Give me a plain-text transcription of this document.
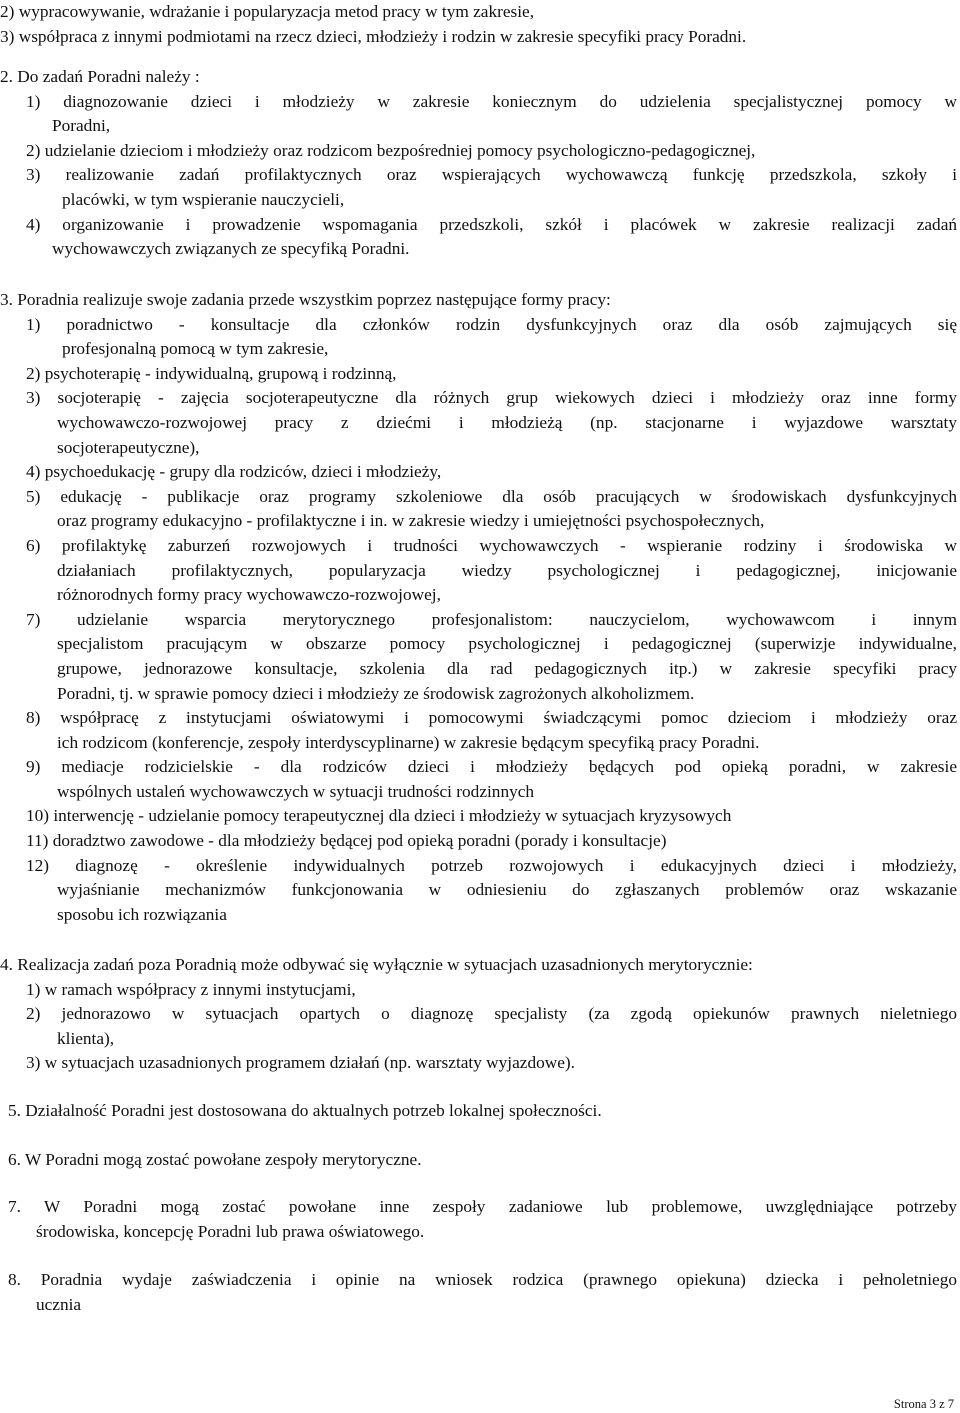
2) wypracowywanie, wdrażanie i popularyzacja metod pracy w tym zakresie,
3) współpraca z innymi podmiotami na rzecz dzieci, młodzieży i rodzin w zakresie specyfiki pracy Poradni.
2. Do zadań Poradni należy :
1) diagnozowanie dzieci i młodzieży w zakresie koniecznym do udzielenia specjalistycznej pomocy w
Poradni,
2) udzielanie dzieciom i młodzieży oraz rodzicom bezpośredniej pomocy psychologiczno-pedagogicznej,
3) realizowanie zadań profilaktycznych oraz wspierających wychowawczą funkcję przedszkola, szkoły i
placówki, w tym wspieranie nauczycieli,
4) organizowanie i prowadzenie wspomagania przedszkoli, szkół i placówek w zakresie realizacji zadań
wychowawczych związanych ze specyfiką Poradni.
3. Poradnia realizuje swoje zadania przede wszystkim poprzez następujące formy pracy:
1) poradnictwo - konsultacje dla członków rodzin dysfunkcyjnych oraz dla osób zajmujących się
profesjonalną pomocą w tym zakresie,
2) psychoterapię - indywidualną, grupową i rodzinną,
3) socjoterapię - zajęcia socjoterapeutyczne dla różnych grup wiekowych dzieci i młodzieży oraz inne formy
wychowawczo-rozwojowej pracy z dziećmi i młodzieżą (np. stacjonarne i wyjazdowe warsztaty
socjoterapeutyczne),
4) psychoedukację - grupy dla rodziców, dzieci i młodzieży,
5) edukację - publikacje oraz programy szkoleniowe dla osób pracujących w środowiskach dysfunkcyjnych
oraz programy edukacyjno - profilaktyczne i in. w zakresie wiedzy i umiejętności psychospołecznych,
6) profilaktykę zaburzeń rozwojowych i trudności wychowawczych - wspieranie rodziny i środowiska w
działaniach profilaktycznych, popularyzacja wiedzy psychologicznej i pedagogicznej, inicjowanie
różnorodnych formy pracy wychowawczo-rozwojowej,
7) udzielanie wsparcia merytorycznego profesjonalistom: nauczycielom, wychowawcom i innym
specjalistom pracującym w obszarze pomocy psychologicznej i pedagogicznej (superwizje indywidualne,
grupowe, jednorazowe konsultacje, szkolenia dla rad pedagogicznych itp.) w zakresie specyfiki pracy
Poradni, tj. w sprawie pomocy dzieci i młodzieży ze środowisk zagrożonych alkoholizmem.
8) współpracę z instytucjami oświatowymi i pomocowymi świadczącymi pomoc dzieciom i młodzieży oraz
ich rodzicom (konferencje, zespoły interdyscyplinarne) w zakresie będącym specyfiką pracy Poradni.
9) mediacje rodzicielskie - dla rodziców dzieci i młodzieży będących pod opieką poradni, w zakresie
wspólnych ustaleń wychowawczych w sytuacji trudności rodzinnych
10) interwencję - udzielanie pomocy terapeutycznej dla dzieci i młodzieży w sytuacjach kryzysowych
11) doradztwo zawodowe - dla młodzieży będącej pod opieką poradni (porady i konsultacje)
12) diagnozę - określenie indywidualnych potrzeb rozwojowych i edukacyjnych dzieci i młodzieży,
wyjaśnianie mechanizmów funkcjonowania w odniesieniu do zgłaszanych problemów oraz wskazanie
sposobu ich rozwiązania
4. Realizacja zadań poza Poradnią może odbywać się wyłącznie w sytuacjach uzasadnionych merytorycznie:
1) w ramach współpracy z innymi instytucjami,
2) jednorazowo w sytuacjach opartych o diagnozę specjalisty (za zgodą opiekunów prawnych nieletniego
klienta),
3) w sytuacjach uzasadnionych programem działań (np. warsztaty wyjazdowe).
5. Działalność Poradni jest dostosowana do aktualnych potrzeb lokalnej społeczności.
6. W Poradni mogą zostać powołane zespoły merytoryczne.
7. W Poradni mogą zostać powołane inne zespoły zadaniowe lub problemowe, uwzględniające potrzeby
środowiska, koncepcję Poradni lub prawa oświatowego.
8. Poradnia wydaje zaświadczenia i opinie na wniosek rodzica (prawnego opiekuna) dziecka i pełnoletniego
ucznia
Strona 3 z 7
